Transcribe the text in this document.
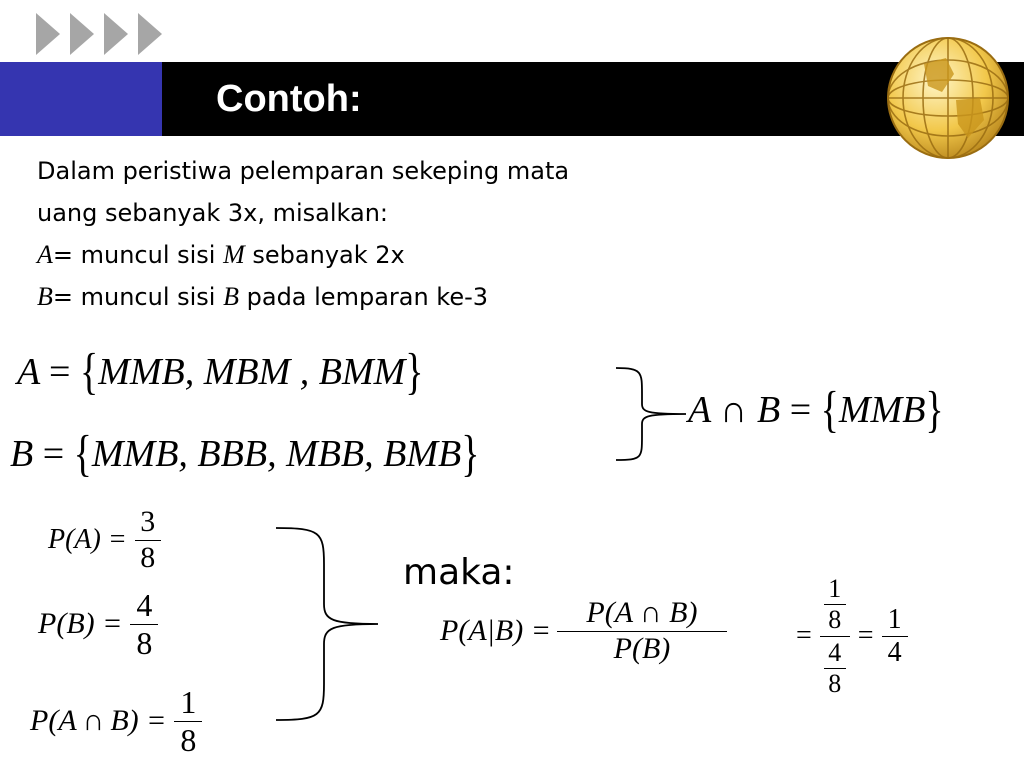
Contoh:
Dalam peristiwa pelemparan sekeping mata
uang sebanyak 3x, misalkan:
A= muncul sisi M sebanyak 2x
B= muncul sisi B pada lemparan ke-3
A = {MMB, MBM , BMM}
B = {MMB, BBB, MBB, BMB}
A ∩ B = {MMB}
$P(A) = \frac{3}{8}$
$P(B) = \frac{4}{8}$
P(A ∩ $B) = \frac{1}{8}$
maka:
$P(A|B) = \frac{P(A \cap B)}{P(B)} = \frac{\frac{1}{8}}{\frac{4}{8}} = \frac{1}{4}$
